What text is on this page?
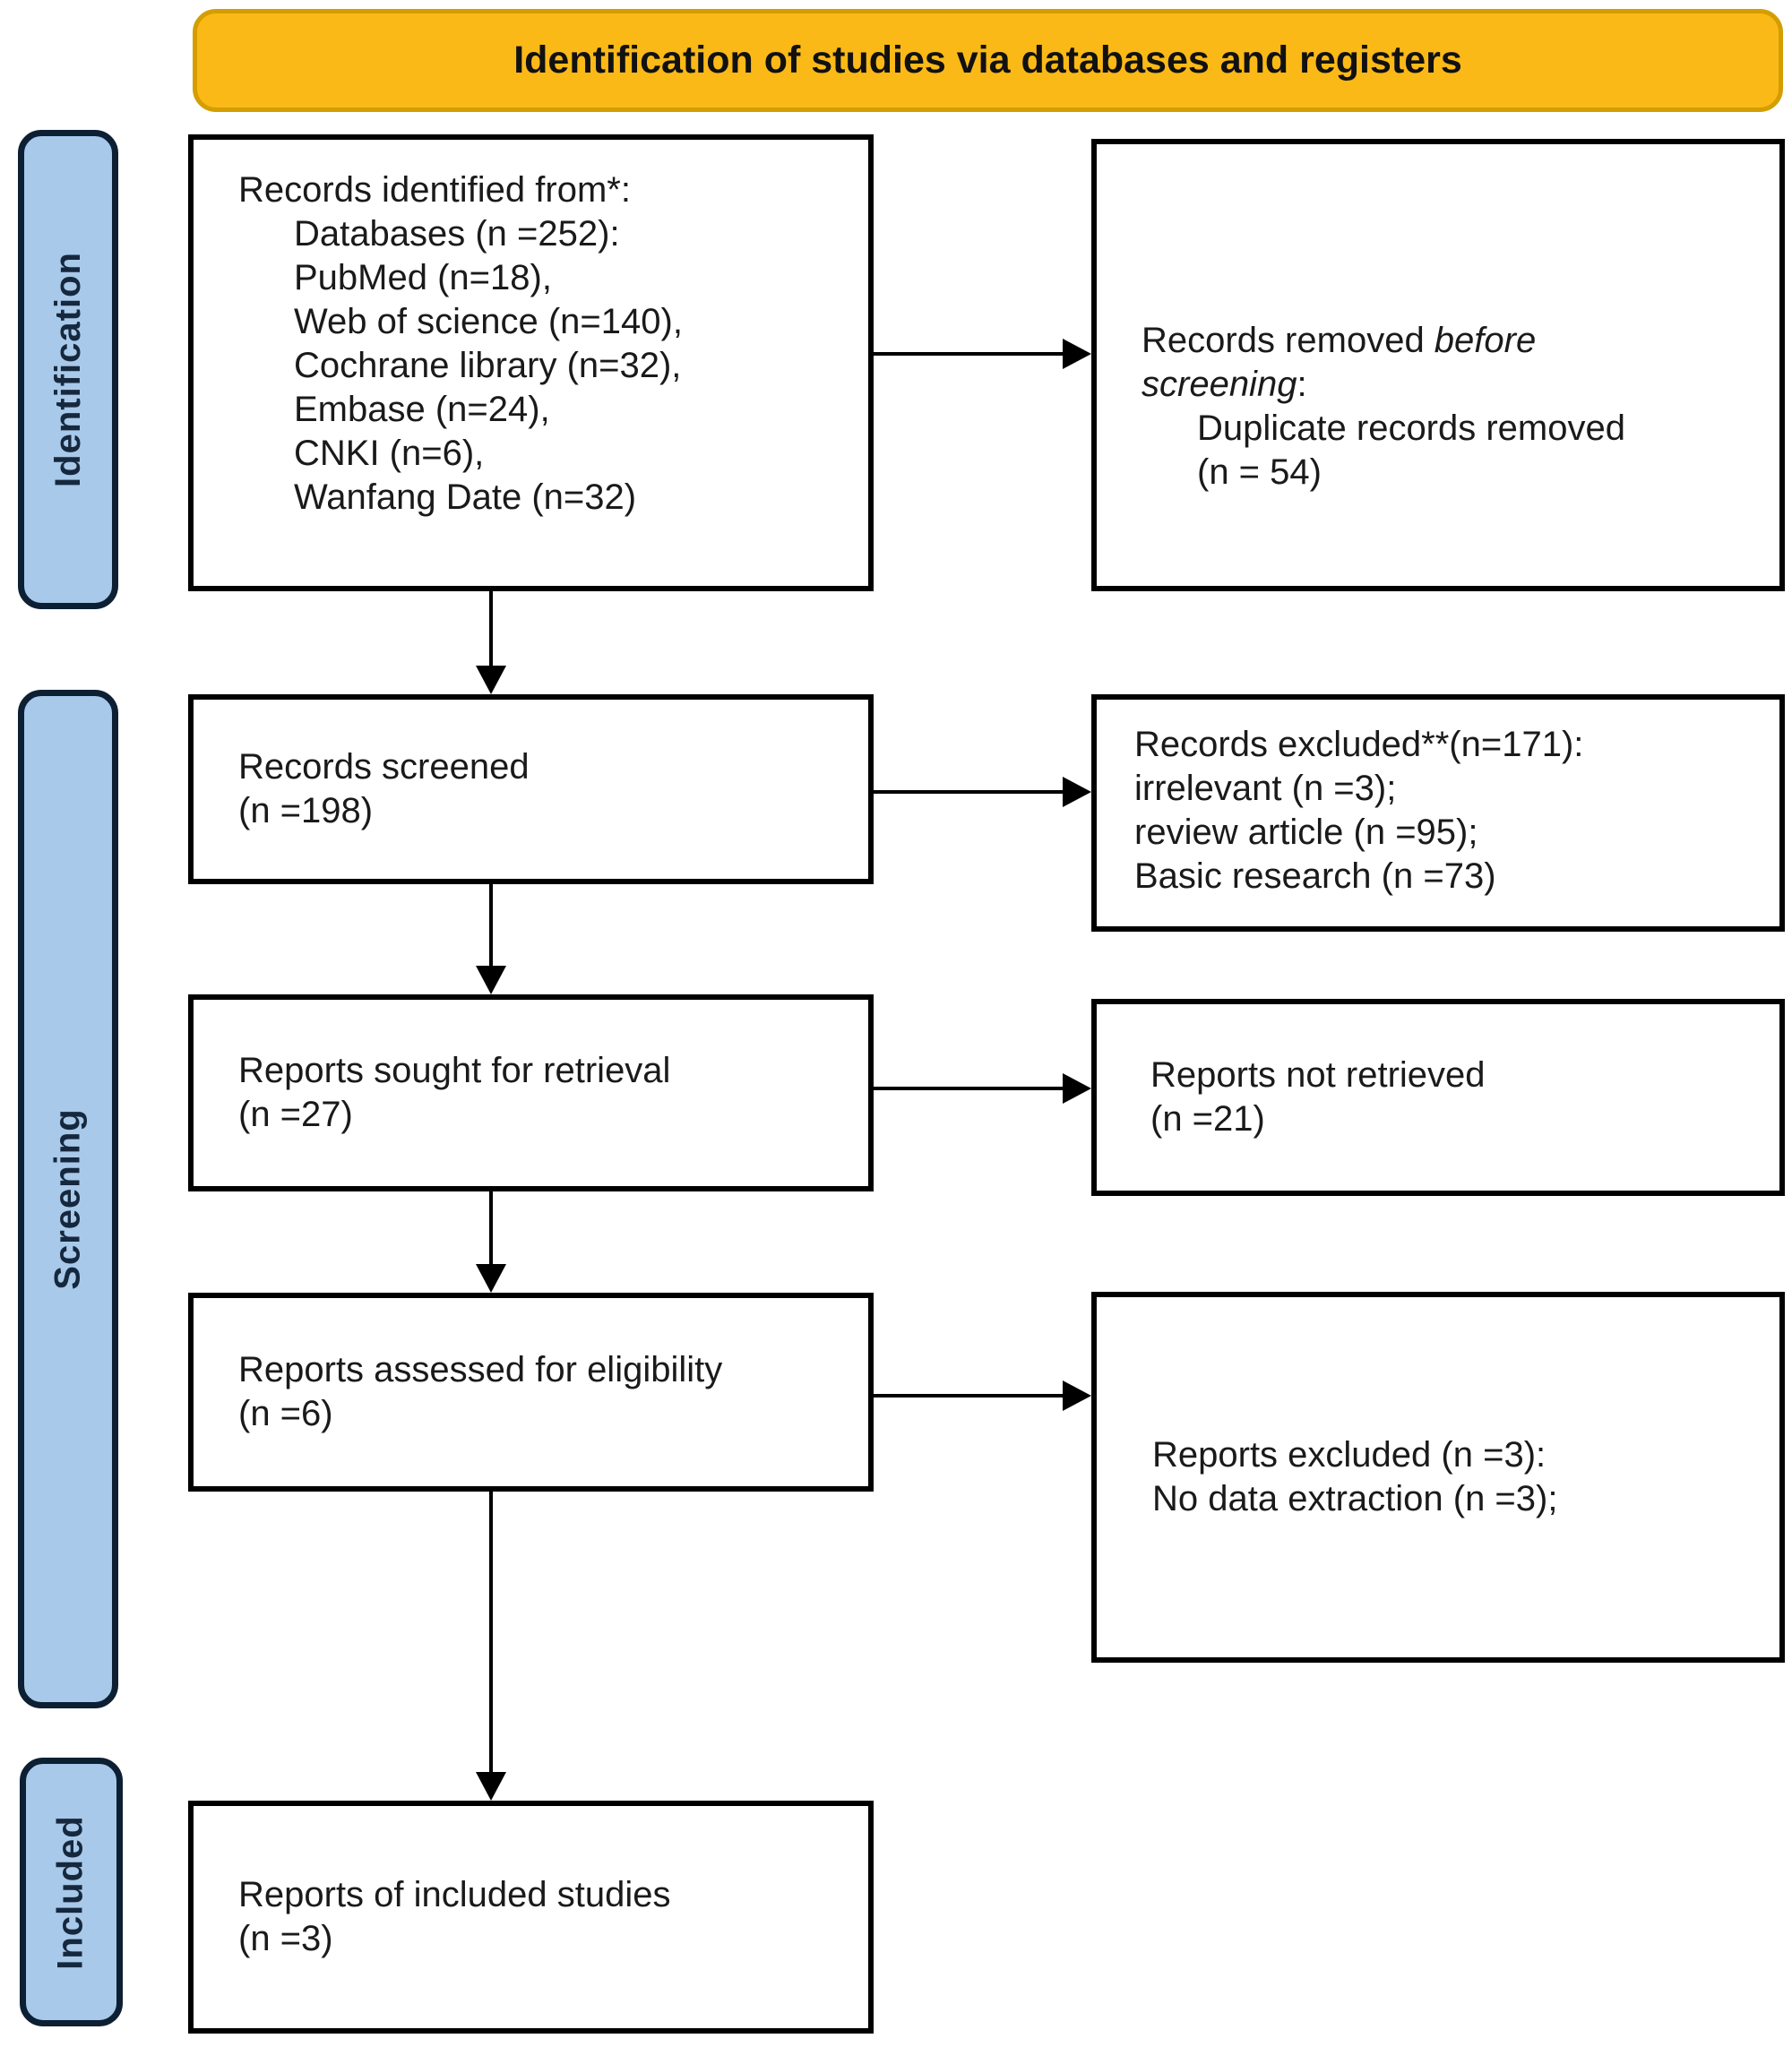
Identification of studies via databases and registers
Identification
Screening
Included
Records identified from*:
Databases (n =252):
PubMed (n=18),
Web of science (n=140),
Cochrane library (n=32),
Embase (n=24),
CNKI (n=6),
Wanfang Date (n=32)
Records removed before screening:
Duplicate records removed
(n = 54)
Records screened
(n =198)
Records excluded**(n=171):
irrelevant (n =3);
review article (n =95);
Basic research (n =73)
Reports sought for retrieval
(n =27)
Reports not retrieved
(n =21)
Reports assessed for eligibility
(n =6)
Reports excluded (n =3):
No data extraction (n =3);
Reports of included studies
(n =3)
